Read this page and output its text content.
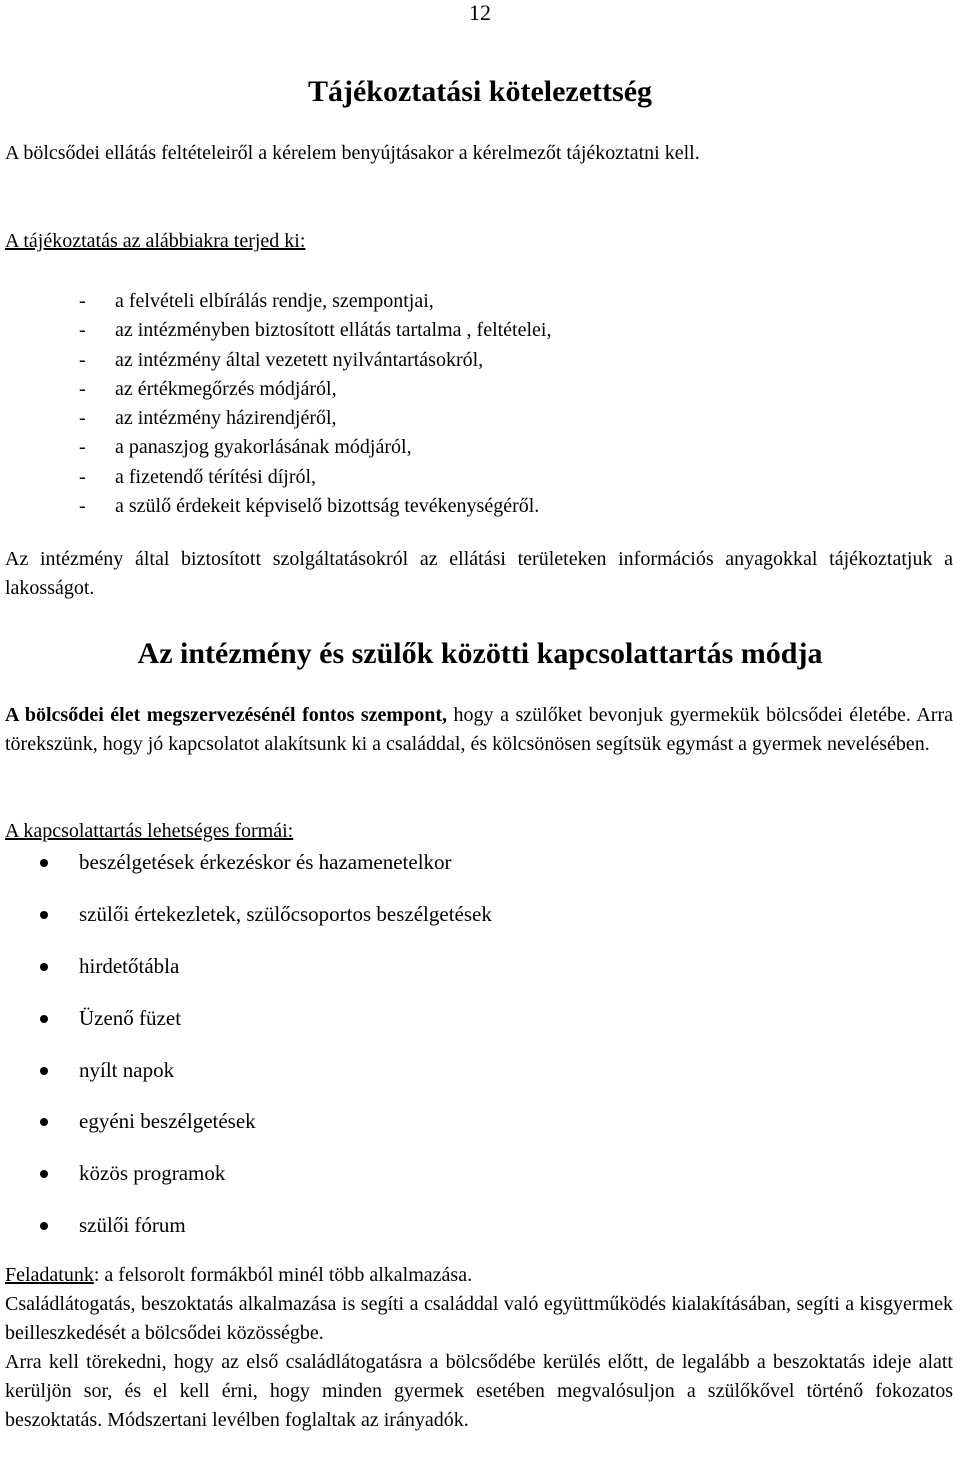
12
Tájékoztatási kötelezettség

A bölcsődei ellátás feltételeiről a kérelem benyújtásakor a kérelmezőt tájékoztatni kell.

A tájékoztatás az alábbiakra terjed ki:

- a felvételi elbírálás rendje, szempontjai,
- az intézményben biztosított ellátás tartalma , feltételei,
- az intézmény által vezetett nyilvántartásokról,
- az értékmegőrzés módjáról,
- az intézmény házirendjéről,
- a panaszjog gyakorlásának módjáról,
- a fizetendő térítési díjról,
- a szülő érdekeit képviselő bizottság tevékenységéről.

Az intézmény által biztosított szolgáltatásokról az ellátási területeken információs anyagokkal tájékoztatjuk a lakosságot.

Az intézmény és szülők közötti kapcsolattartás módja

A bölcsődei élet megszervezésénél fontos szempont, hogy a szülőket bevonjuk gyermekük bölcsődei életébe. Arra törekszünk, hogy jó kapcsolatot alakítsunk ki a családdal, és kölcsönösen segítsük egymást a gyermek nevelésében.

A kapcsolattartás lehetséges formái:

beszélgetések érkezéskor és hazamenetelkor
szülői értekezletek, szülőcsoportos beszélgetések
hirdetőtábla
Üzenő füzet
nyílt napok
egyéni beszélgetések
közös programok
szülői fórum

Feladatunk: a felsorolt formákból minél több alkalmazása.

Családlátogatás, beszoktatás alkalmazása is segíti a családdal való együttműködés kialakításában, segíti a kisgyermek beilleszkedését a bölcsődei közösségbe.

Arra kell törekedni, hogy az első családlátogatásra a bölcsődébe kerülés előtt, de legalább a beszoktatás ideje alatt kerüljön sor, és el kell érni, hogy minden gyermek esetében megvalósuljon a szülőkővel történő fokozatos beszoktatás. Módszertani levélben foglaltak az irányadók.
